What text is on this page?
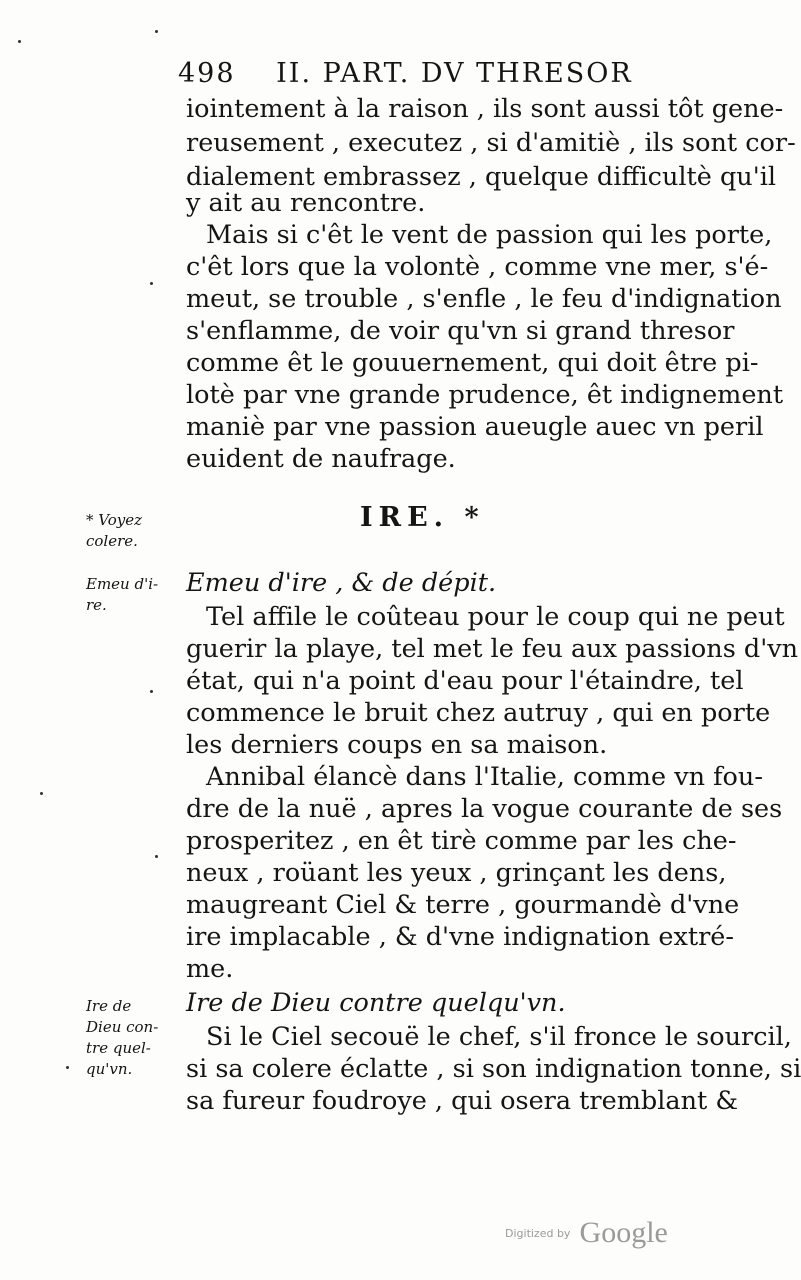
498 II. PART. DV THRESOR
iointement à la raison , ils sont aussi tôt gene-
reusement , executez , si d'amitiè , ils sont cor-
dialement embrassez , quelque difficultè qu'il
y ait au rencontre.
Mais si c'êt le vent de passion qui les porte,
c'êt lors que la volontè , comme vne mer, s'é-
meut, se trouble , s'enfle , le feu d'indignation
s'enflamme, de voir qu'vn si grand thresor
comme êt le gouuernement, qui doit être pi-
lotè par vne grande prudence, êt indignement
maniè par vne passion aueugle auec vn peril
euident de naufrage.
IRE. *
* Voyez
colere.
Emeu d'i-
re.
Emeu d'ire , & de dépit.
Tel affile le coûteau pour le coup qui ne peut
guerir la playe, tel met le feu aux passions d'vn
état, qui n'a point d'eau pour l'étaindre, tel
commence le bruit chez autruy , qui en porte
les derniers coups en sa maison.
Annibal élancè dans l'Italie, comme vn fou-
dre de la nuë , apres la vogue courante de ses
prosperitez , en êt tirè comme par les che-
neux , roüant les yeux , grinçant les dens,
maugreant Ciel & terre , gourmandè d'vne
ire implacable , & d'vne indignation extré-
me.
Ire de
Dieu con-
tre quel-
qu'vn.
Ire de Dieu contre quelqu'vn.
Si le Ciel secouë le chef, s'il fronce le sourcil,
si sa colere éclatte , si son indignation tonne, si
sa fureur foudroye , qui osera tremblant &
Digitized by Google
